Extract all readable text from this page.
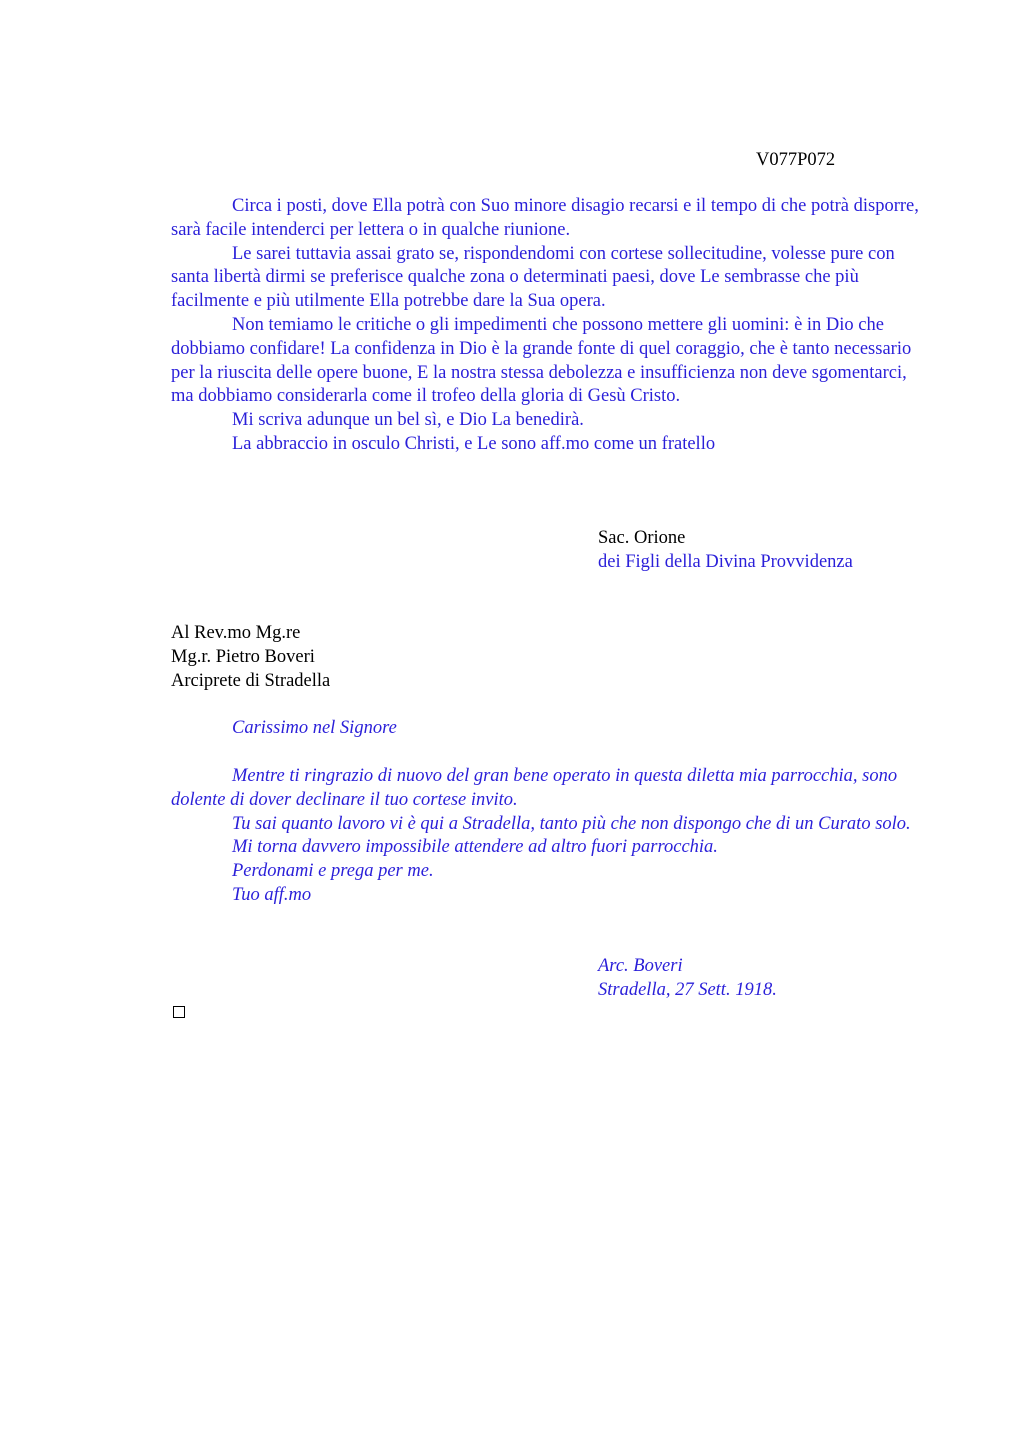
V077P072

Circa i posti, dove Ella potrà con Suo minore disagio recarsi e il tempo di che potrà disporre, sarà facile intenderci per lettera o in qualche riunione.

Le sarei tuttavia assai grato se, rispondendomi con cortese sollecitudine, volesse pure con santa libertà dirmi se preferisce qualche zona o determinati paesi, dove Le sembrasse che più facilmente e più utilmente Ella potrebbe dare la Sua opera.

Non temiamo le critiche o gli impedimenti che possono mettere gli uomini: è in Dio che dobbiamo confidare! La confidenza in Dio è la grande fonte di quel coraggio, che è tanto necessario per la riuscita delle opere buone, E la nostra stessa debolezza e insufficienza non deve sgomentarci, ma dobbiamo considerarla come il trofeo della gloria di Gesù Cristo.

Mi scriva adunque un bel sì, e Dio La benedirà.

La abbraccio in osculo Christi, e Le sono aff.mo come un fratello

Sac. Orione

dei Figli della Divina Provvidenza

Al Rev.mo Mg.re

Mg.r. Pietro Boveri

Arciprete di Stradella

Carissimo nel Signore

Mentre ti ringrazio di nuovo del gran bene operato in questa diletta mia parrocchia, sono dolente di dover declinare il tuo cortese invito.

Tu sai quanto lavoro vi è qui a Stradella, tanto più che non dispongo che di un Curato solo.

Mi torna davvero impossibile attendere ad altro fuori parrocchia.

Perdonami e prega per me.

Tuo aff.mo

Arc. Boveri

Stradella, 27 Sett. 1918.
